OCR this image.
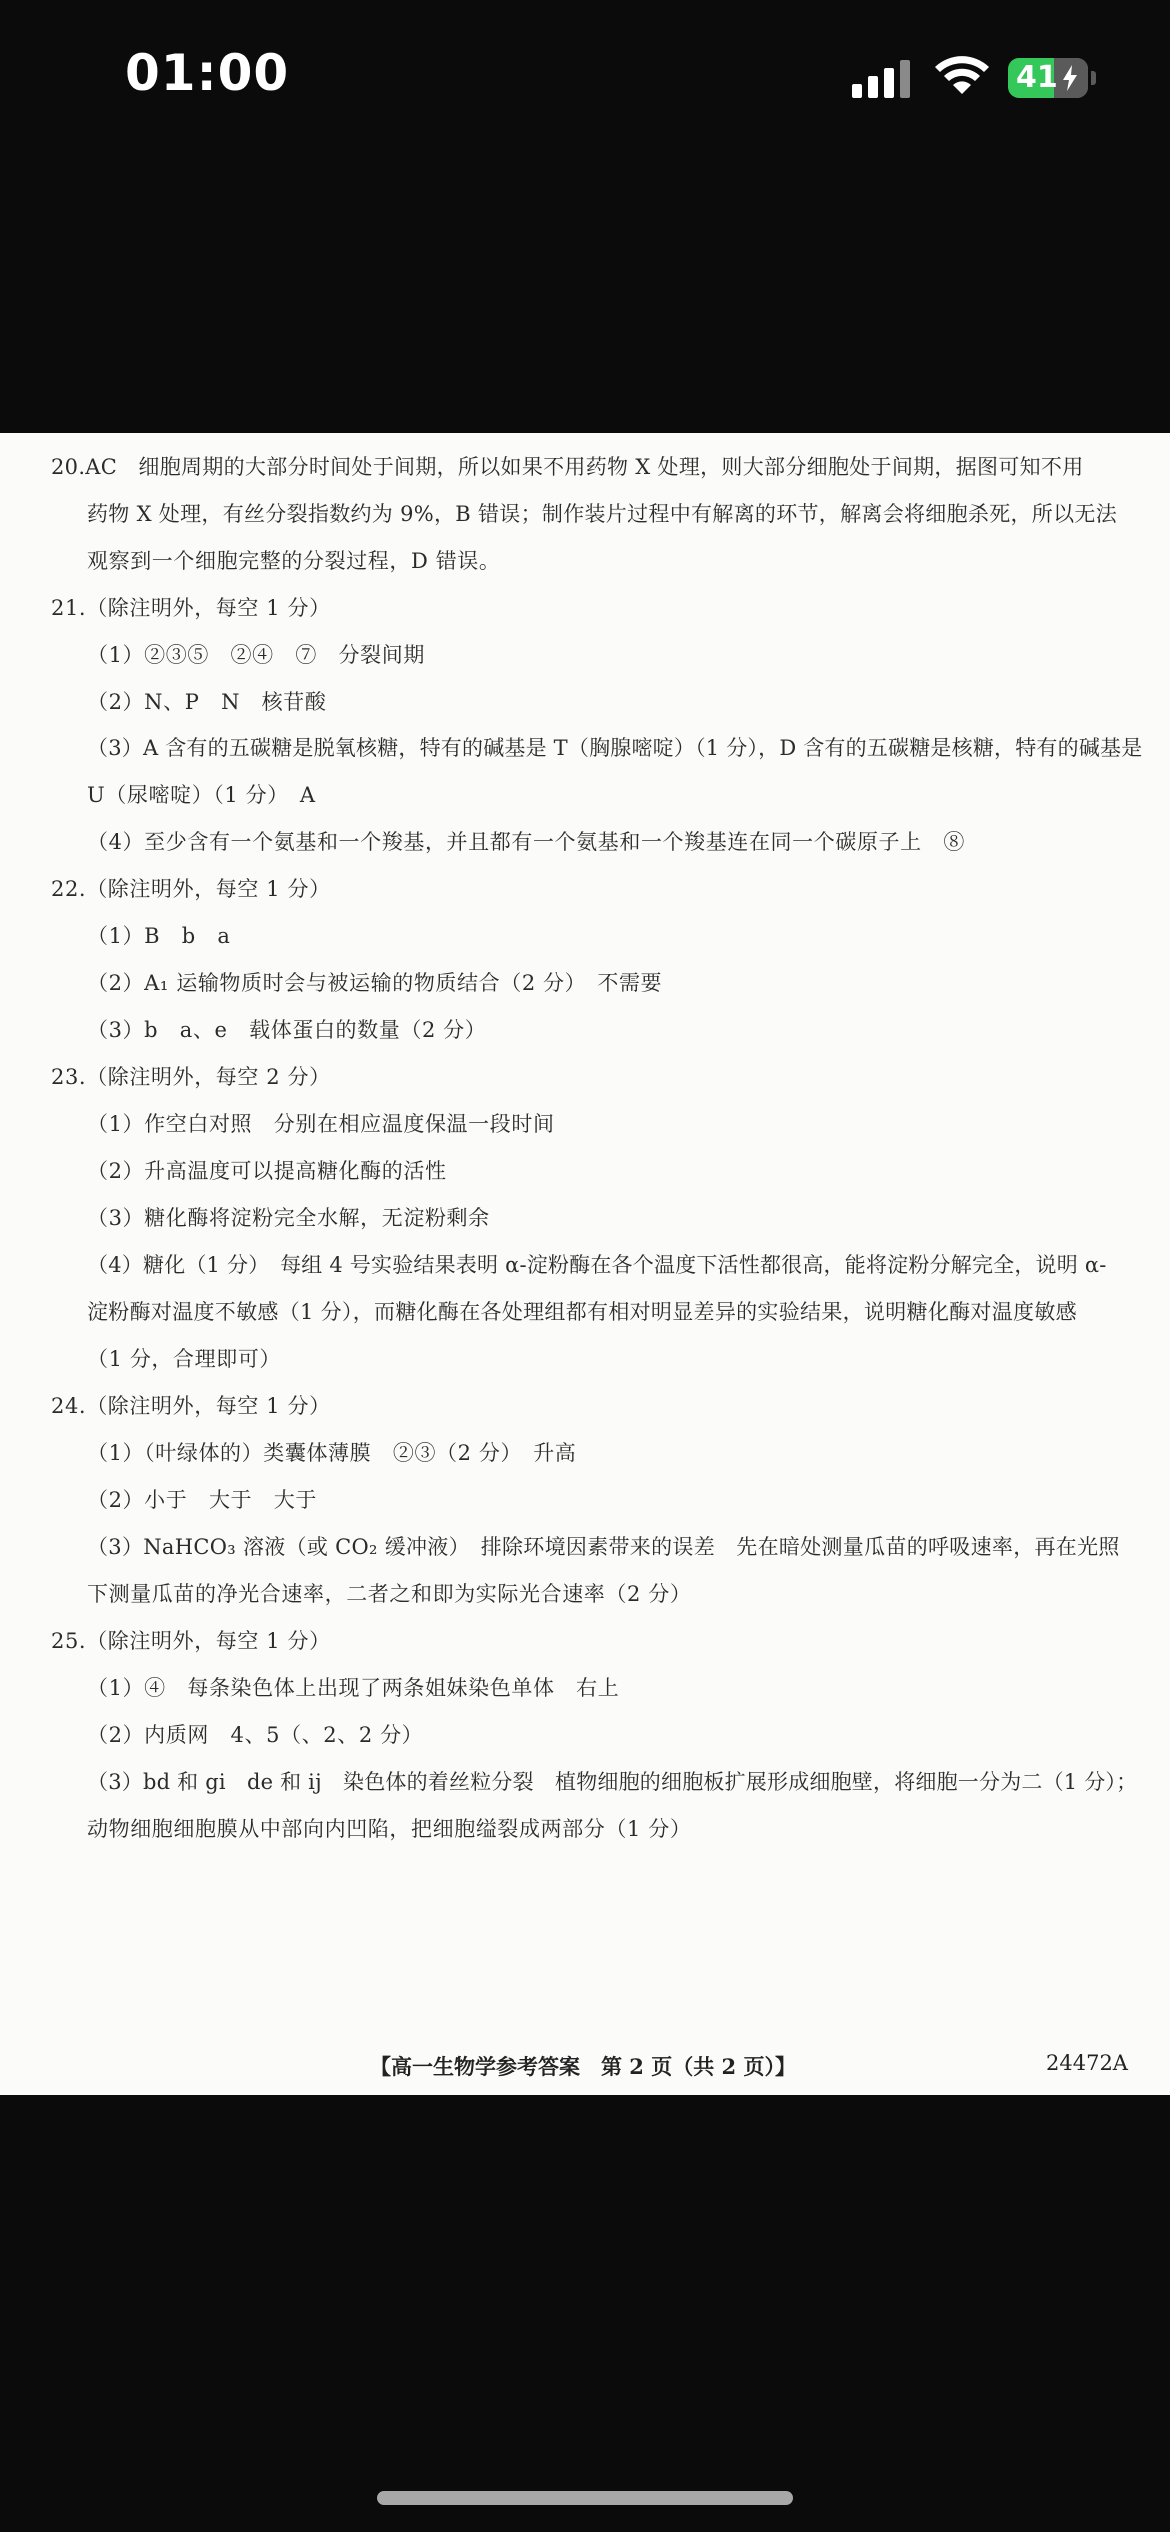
01:00	41
20.AC　细胞周期的大部分时间处于间期，所以如果不用药物 X 处理，则大部分细胞处于间期，据图可知不用
药物 X 处理，有丝分裂指数约为 9%，B 错误；制作装片过程中有解离的环节，解离会将细胞杀死，所以无法
观察到一个细胞完整的分裂过程，D 错误。
21.（除注明外，每空 1 分）
（1）②③⑤　②④　⑦　分裂间期
（2）N、P　N　核苷酸
（3）A 含有的五碳糖是脱氧核糖，特有的碱基是 T（胸腺嘧啶）（1 分），D 含有的五碳糖是核糖，特有的碱基是
U（尿嘧啶）（1 分）　A
（4）至少含有一个氨基和一个羧基，并且都有一个氨基和一个羧基连在同一个碳原子上　⑧
22.（除注明外，每空 1 分）
（1）B　b　a
（2）A₁ 运输物质时会与被运输的物质结合（2 分）　不需要
（3）b　a、e　载体蛋白的数量（2 分）
23.（除注明外，每空 2 分）
（1）作空白对照　分别在相应温度保温一段时间
（2）升高温度可以提高糖化酶的活性
（3）糖化酶将淀粉完全水解，无淀粉剩余
（4）糖化（1 分）　每组 4 号实验结果表明 α-淀粉酶在各个温度下活性都很高，能将淀粉分解完全，说明 α-
淀粉酶对温度不敏感（1 分），而糖化酶在各处理组都有相对明显差异的实验结果，说明糖化酶对温度敏感
（1 分，合理即可）
24.（除注明外，每空 1 分）
（1）（叶绿体的）类囊体薄膜　②③（2 分）　升高
（2）小于　大于　大于
（3）NaHCO₃ 溶液（或 CO₂ 缓冲液）　排除环境因素带来的误差　先在暗处测量瓜苗的呼吸速率，再在光照
下测量瓜苗的净光合速率，二者之和即为实际光合速率（2 分）
25.（除注明外，每空 1 分）
（1）④　每条染色体上出现了两条姐妹染色单体　右上
（2）内质网　4、5（、2、2 分）
（3）bd 和 gi　de 和 ij　染色体的着丝粒分裂　植物细胞的细胞板扩展形成细胞壁，将细胞一分为二（1 分）；
动物细胞细胞膜从中部向内凹陷，把细胞缢裂成两部分（1 分）
【高一生物学参考答案　第 2 页（共 2 页）】	24472A
